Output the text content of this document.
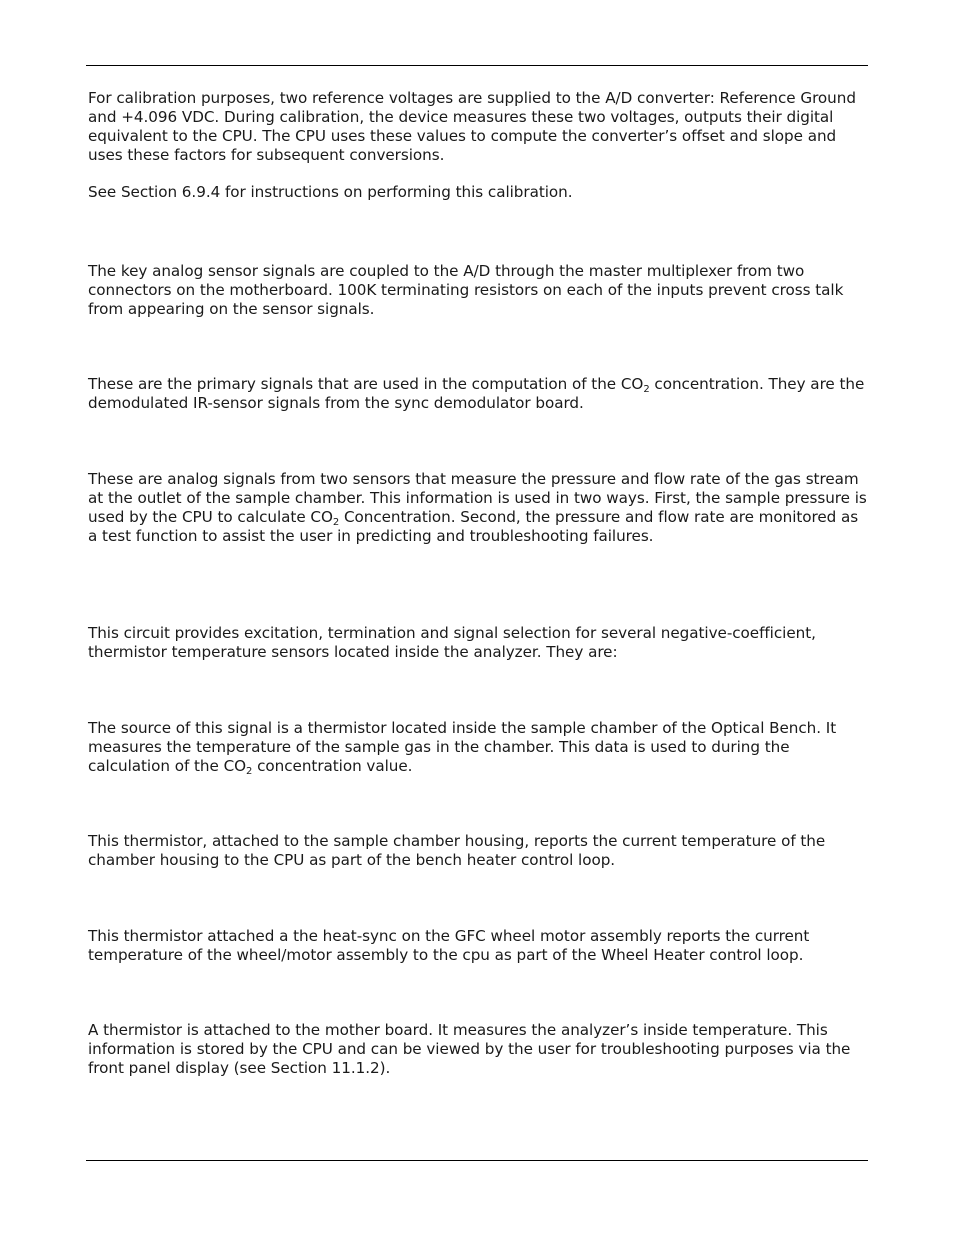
For calibration purposes, two reference voltages are supplied to the A/D converter: Reference Ground and +4.096 VDC. During calibration, the device measures these two voltages, outputs their digital equivalent to the CPU. The CPU uses these values to compute the converter’s offset and slope and uses these factors for subsequent conversions.

See Section 6.9.4 for instructions on performing this calibration.

The key analog sensor signals are coupled to the A/D through the master multiplexer from two connectors on the motherboard. 100K terminating resistors on each of the inputs prevent cross talk from appearing on the sensor signals.

These are the primary signals that are used in the computation of the $CO_2$ concentration. They are the demodulated IR-sensor signals from the sync demodulator board.

These are analog signals from two sensors that measure the pressure and flow rate of the gas stream at the outlet of the sample chamber. This information is used in two ways. First, the sample pressure is used by the CPU to calculate $CO_2$ Concentration. Second, the pressure and flow rate are monitored as a test function to assist the user in predicting and troubleshooting failures.

This circuit provides excitation, termination and signal selection for several negative-coefficient, thermistor temperature sensors located inside the analyzer. They are:

The source of this signal is a thermistor located inside the sample chamber of the Optical Bench. It measures the temperature of the sample gas in the chamber. This data is used to during the calculation of the $CO_2$ concentration value.

This thermistor, attached to the sample chamber housing, reports the current temperature of the chamber housing to the CPU as part of the bench heater control loop.

This thermistor attached a the heat-sync on the GFC wheel motor assembly reports the current temperature of the wheel/motor assembly to the cpu as part of the Wheel Heater control loop.

A thermistor is attached to the mother board. It measures the analyzer’s inside temperature. This information is stored by the CPU and can be viewed by the user for troubleshooting purposes via the front panel display (see Section 11.1.2).
